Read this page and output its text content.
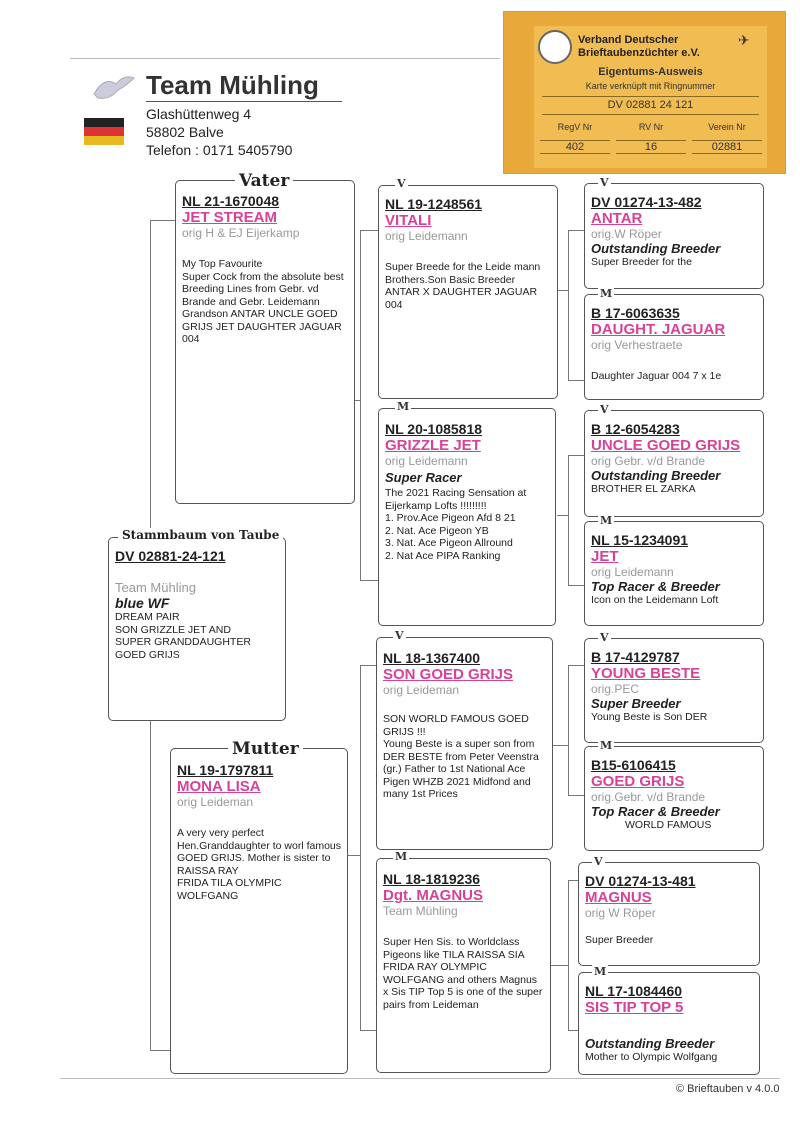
Team Mühling
Glashüttenweg 4
58802 Balve
Telefon : 0171 5405790
Verband Deutscher
Brieftaubenzüchter e.V.
✈
Eigentums-Ausweis
Karte verknüpft mit Ringnummer
DV 02881 24 121
RegV Nr	RV Nr	Verein Nr
402	16	02881
DV 02881-24-121
Team Mühling
blue WF
DREAM PAIR
SON GRIZZLE JET AND
SUPER GRANDDAUGHTER
GOED GRIJS
Stammbaum von Taube
NL 21-1670048
JET STREAM
orig H & EJ Eijerkamp
My Top Favourite
Super Cock from the absolute best Breeding Lines from Gebr. vd Brande and Gebr. Leidemann Grandson ANTAR UNCLE GOED GRIJS JET DAUGHTER JAGUAR 004
Vater
NL 19-1797811
MONA LISA
orig Leideman
A very very perfect Hen.Granddaughter to worl famous GOED GRIJS. Mother is sister to RAISSA RAY
FRIDA TILA OLYMPIC WOLFGANG
Mutter
NL 19-1248561
VITALI
orig Leidemann
Super Breede for the Leide mann Brothers.Son Basic Breeder ANTAR X DAUGHTER JAGUAR 004
V
NL 20-1085818
GRIZZLE JET
orig Leidemann
Super Racer
The 2021 Racing Sensation at Eijerkamp Lofts !!!!!!!!!
1. Prov.Ace Pigeon Afd 8 21
2. Nat. Ace Pigeon YB
3. Nat. Ace Pigeon Allround
2. Nat Ace PIPA Ranking
M
NL 18-1367400
SON GOED GRIJS
orig Leideman
SON WORLD FAMOUS GOED GRIJS !!!
Young Beste is a super son from DER BESTE from Peter Veenstra (gr.) Father to 1st National Ace Pigen WHZB 2021 Midfond and many 1st Prices
V
NL 18-1819236
Dgt. MAGNUS
Team Mühling
Super Hen Sis. to Worldclass Pigeons like TILA RAISSA SIA FRIDA RAY OLYMPIC WOLFGANG and others Magnus x Sis TIP Top 5 is one of the super pairs from Leideman
M
DV 01274-13-482
ANTAR
orig.W Röper
Outstanding Breeder
Super Breeder for the
V
B 17-6063635
DAUGHT. JAGUAR
orig Verhestraete
Daughter Jaguar 004 7 x 1e
M
B 12-6054283
UNCLE GOED GRIJS
orig Gebr. v/d Brande
Outstanding Breeder
BROTHER EL ZARKA
V
NL 15-1234091
JET
orig Leidemann
Top Racer & Breeder
Icon on the Leidemann Loft
M
B 17-4129787
YOUNG BESTE
orig.PEC
Super Breeder
Young Beste is Son DER
V
B15-6106415
GOED GRIJS
orig.Gebr. v/d Brande
Top Racer & Breeder
WORLD FAMOUS
M
DV 01274-13-481
MAGNUS
orig W Röper
Super Breeder
V
NL 17-1084460
SIS TIP TOP 5
Outstanding Breeder
Mother to Olympic Wolfgang
M
© Brieftauben v 4.0.0
